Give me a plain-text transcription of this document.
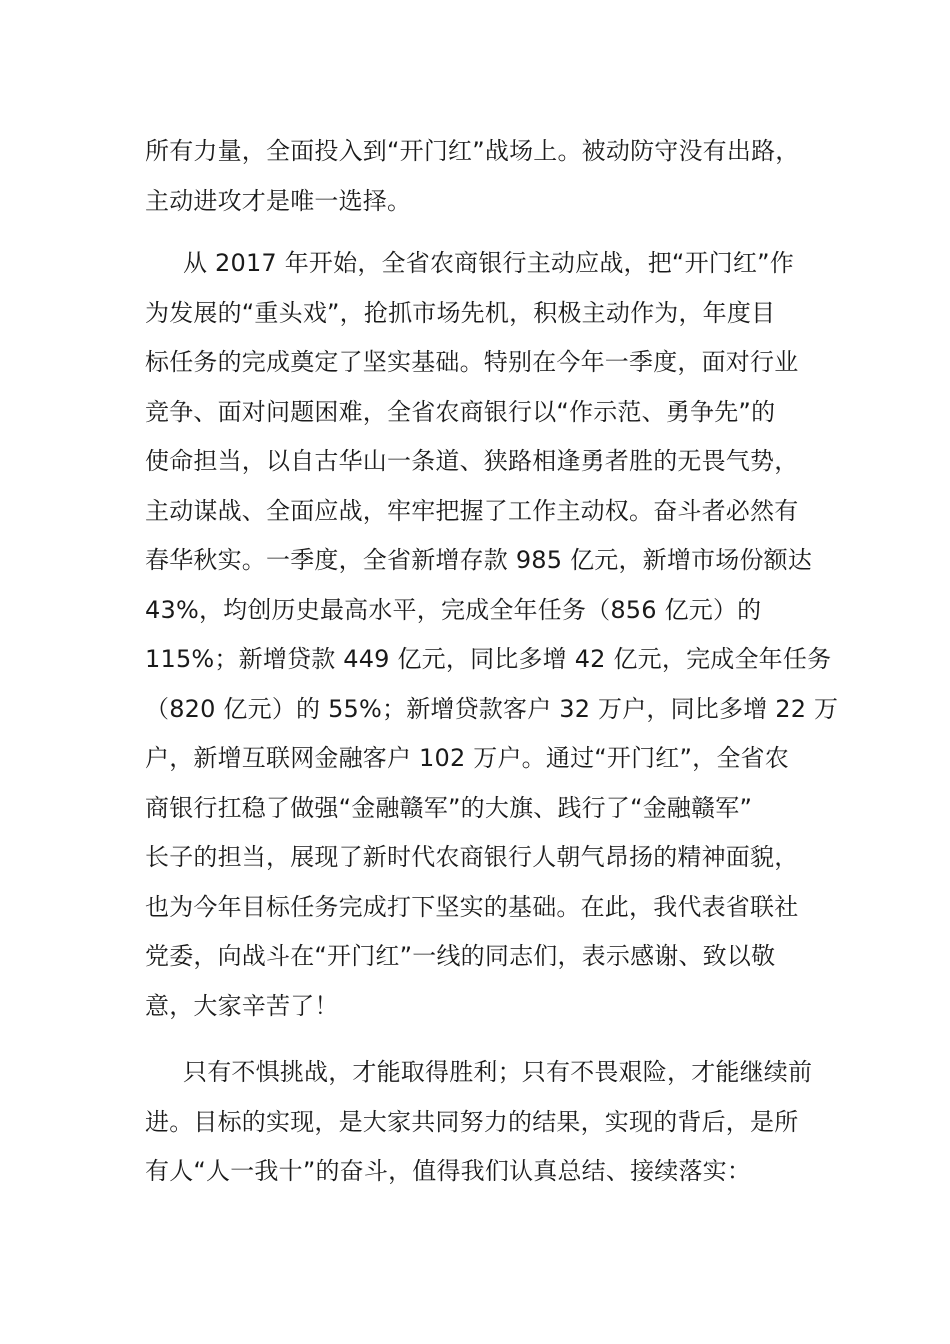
所有力量，全面投入到“开门红”战场上。被动防守没有出路，
主动进攻才是唯一选择。
从 2017 年开始，全省农商银行主动应战，把“开门红”作
为发展的“重头戏”，抢抓市场先机，积极主动作为，年度目
标任务的完成奠定了坚实基础。特别在今年一季度，面对行业
竞争、面对问题困难，全省农商银行以“作示范、勇争先”的
使命担当，以自古华山一条道、狭路相逢勇者胜的无畏气势，
主动谋战、全面应战，牢牢把握了工作主动权。奋斗者必然有
春华秋实。一季度，全省新增存款 985 亿元，新增市场份额达
43%，均创历史最高水平，完成全年任务（856 亿元）的
115%；新增贷款 449 亿元，同比多增 42 亿元，完成全年任务
（820 亿元）的 55%；新增贷款客户 32 万户，同比多增 22 万
户，新增互联网金融客户 102 万户。通过“开门红”，全省农
商银行扛稳了做强“金融赣军”的大旗、践行了“金融赣军”
长子的担当，展现了新时代农商银行人朝气昂扬的精神面貌，
也为今年目标任务完成打下坚实的基础。在此，我代表省联社
党委，向战斗在“开门红”一线的同志们，表示感谢、致以敬
意，大家辛苦了！
只有不惧挑战，才能取得胜利；只有不畏艰险，才能继续前
进。目标的实现，是大家共同努力的结果，实现的背后，是所
有人“人一我十”的奋斗，值得我们认真总结、接续落实：
